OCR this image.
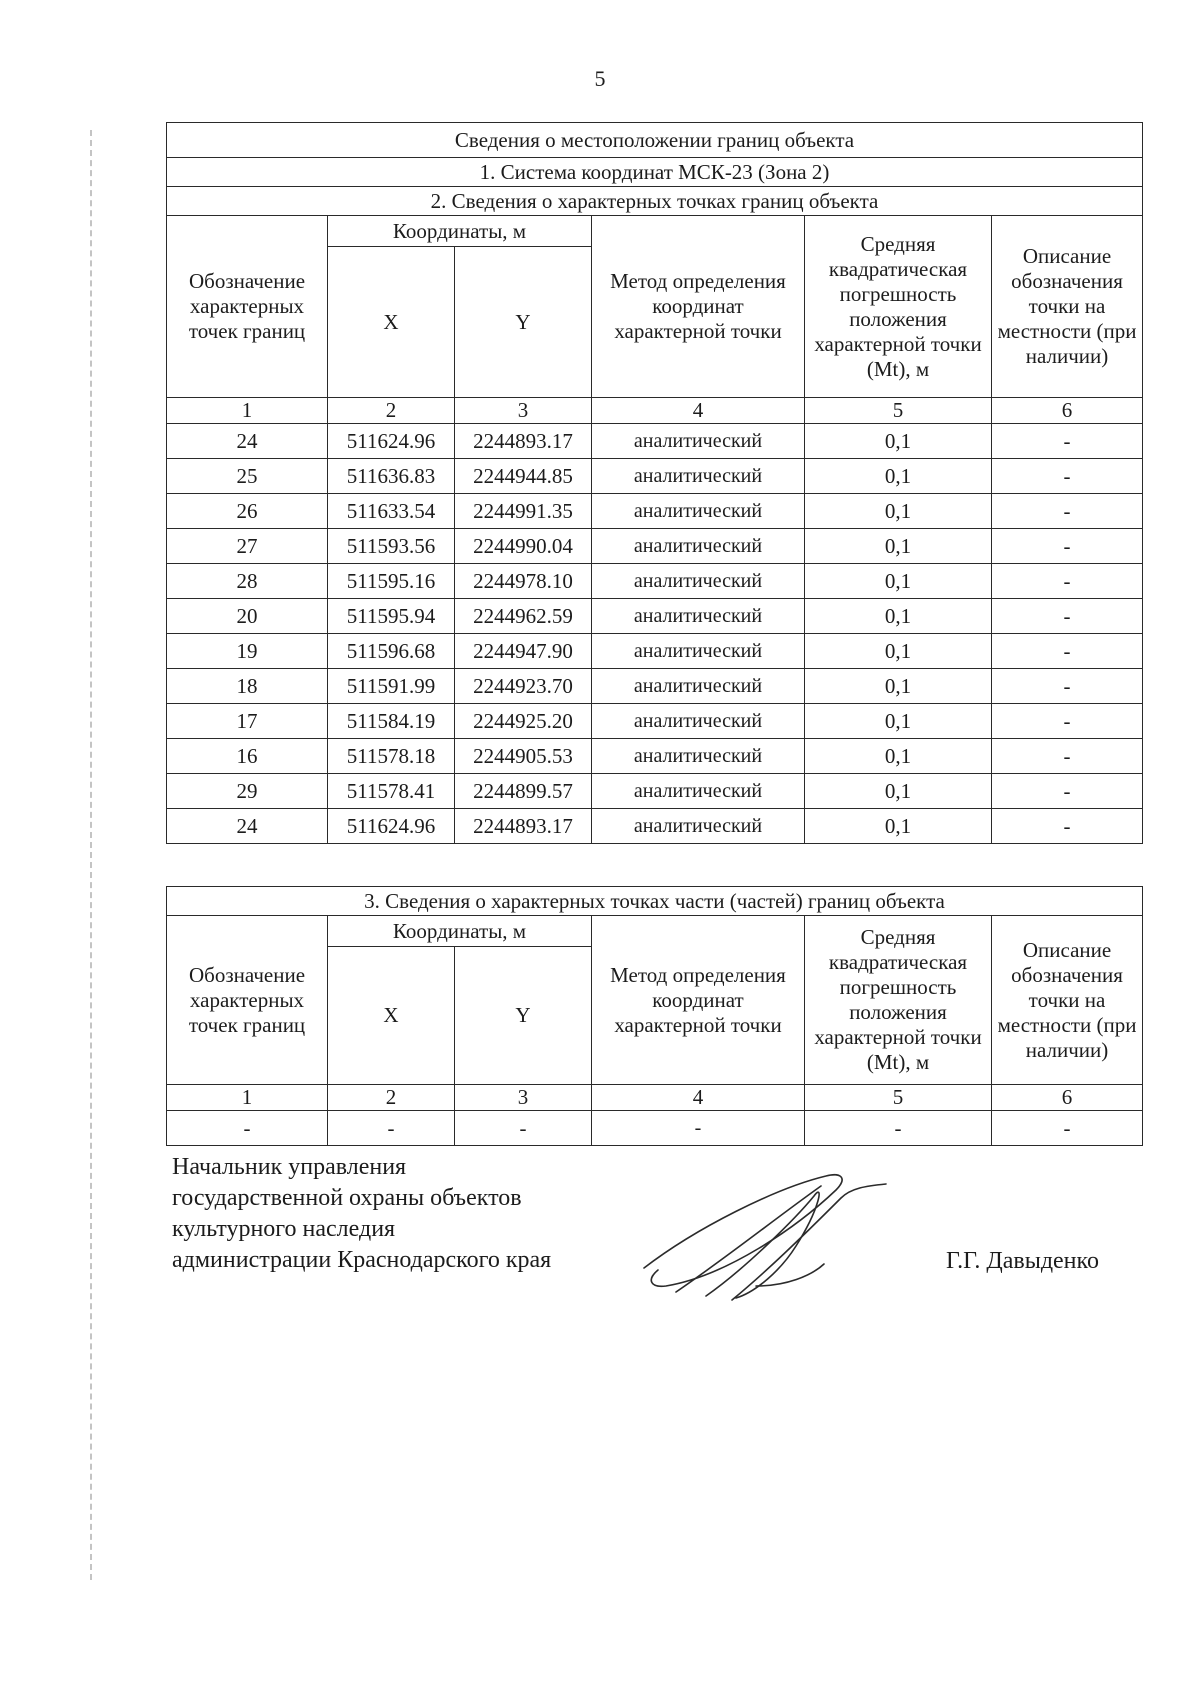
5
Сведения о местоположении границ объекта					
1. Система координат МСК-23 (Зона 2)					
2. Сведения о характерных точках границ объекта					
Обозначение характерных точек границ	Координаты, м		Метод определения координат характерной точки	Средняя квадратическая погрешность положения характерной точки (Mt), м	Описание обозначения точки на местности (при наличии)
	X	Y			
1	2	3	4	5	6
24	511624.96	2244893.17	аналитический	0,1	-
25	511636.83	2244944.85	аналитический	0,1	-
26	511633.54	2244991.35	аналитический	0,1	-
27	511593.56	2244990.04	аналитический	0,1	-
28	511595.16	2244978.10	аналитический	0,1	-
20	511595.94	2244962.59	аналитический	0,1	-
19	511596.68	2244947.90	аналитический	0,1	-
18	511591.99	2244923.70	аналитический	0,1	-
17	511584.19	2244925.20	аналитический	0,1	-
16	511578.18	2244905.53	аналитический	0,1	-
29	511578.41	2244899.57	аналитический	0,1	-
24	511624.96	2244893.17	аналитический	0,1	-
3. Сведения о характерных точках части (частей) границ объекта					
Обозначение характерных точек границ	Координаты, м		Метод определения координат характерной точки	Средняя квадратическая погрешность положения характерной точки (Mt), м	Описание обозначения точки на местности (при наличии)
	X	Y			
1	2	3	4	5	6
-	-	-	-	-	-
Начальник управления
государственной охраны объектов
культурного наследия
администрации Краснодарского края	Г.Г. Давыденко
